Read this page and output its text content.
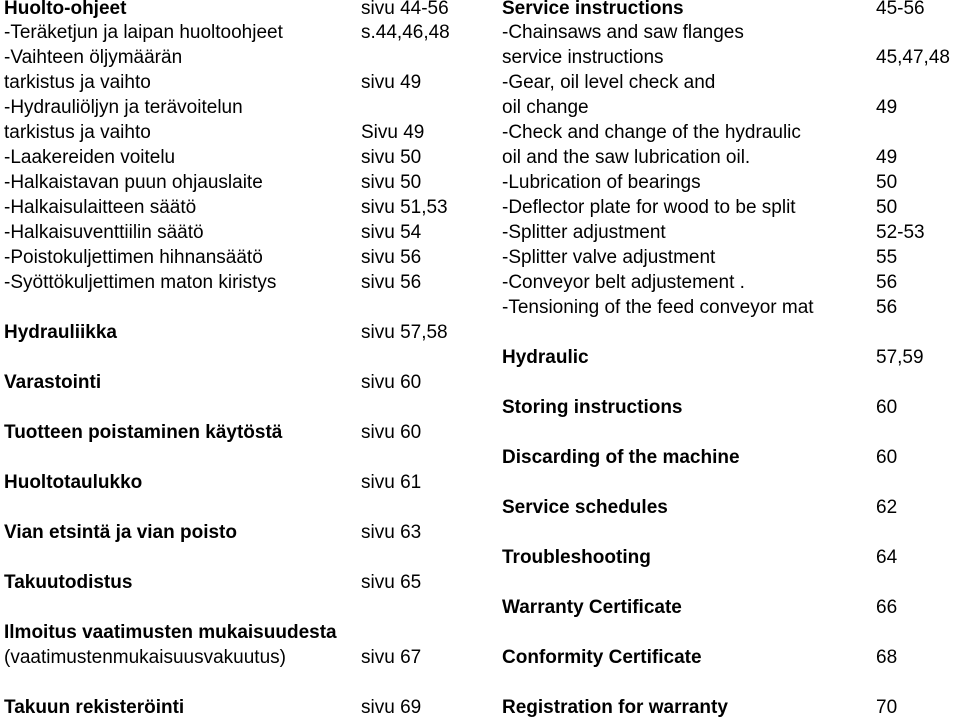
Huolto-ohjeet	sivu 44-56
-Teräketjun ja laipan huoltoohjeet	s.44,46,48
-Vaihteen öljymäärän
tarkistus ja vaihto	sivu 49
-Hydrauliöljyn ja terävoitelun
tarkistus ja vaihto	Sivu 49
-Laakereiden voitelu	sivu 50
-Halkaistavan puun ohjauslaite	sivu 50
-Halkaisulaitteen säätö	sivu 51,53
-Halkaisuventtiilin säätö	sivu 54
-Poistokuljettimen hihnansäätö	sivu 56
-Syöttökuljettimen maton kiristys	sivu 56
Hydrauliikka	sivu 57,58
Varastointi	sivu 60
Tuotteen poistaminen käytöstä	sivu 60
Huoltotaulukko	sivu 61
Vian etsintä ja vian poisto	sivu 63
Takuutodistus	sivu 65
Ilmoitus vaatimusten mukaisuudesta
(vaatimustenmukaisuusvakuutus)	sivu 67
Takuun rekisteröinti	sivu 69
Service instructions	45-56
-Chainsaws and saw flanges
service instructions	45,47,48
-Gear, oil level check and
oil change	49
-Check and change of the hydraulic
oil and the saw lubrication oil.	49
-Lubrication of bearings	50
-Deflector plate for wood to be split	50
-Splitter adjustment	52-53
-Splitter valve adjustment	55
-Conveyor belt adjustement .	56
-Tensioning of the feed conveyor mat	56
Hydraulic	57,59
Storing instructions	60
Discarding of the machine	60
Service schedules	62
Troubleshooting	64
Warranty Certificate	66
Conformity Certificate	68
Registration for warranty	70
